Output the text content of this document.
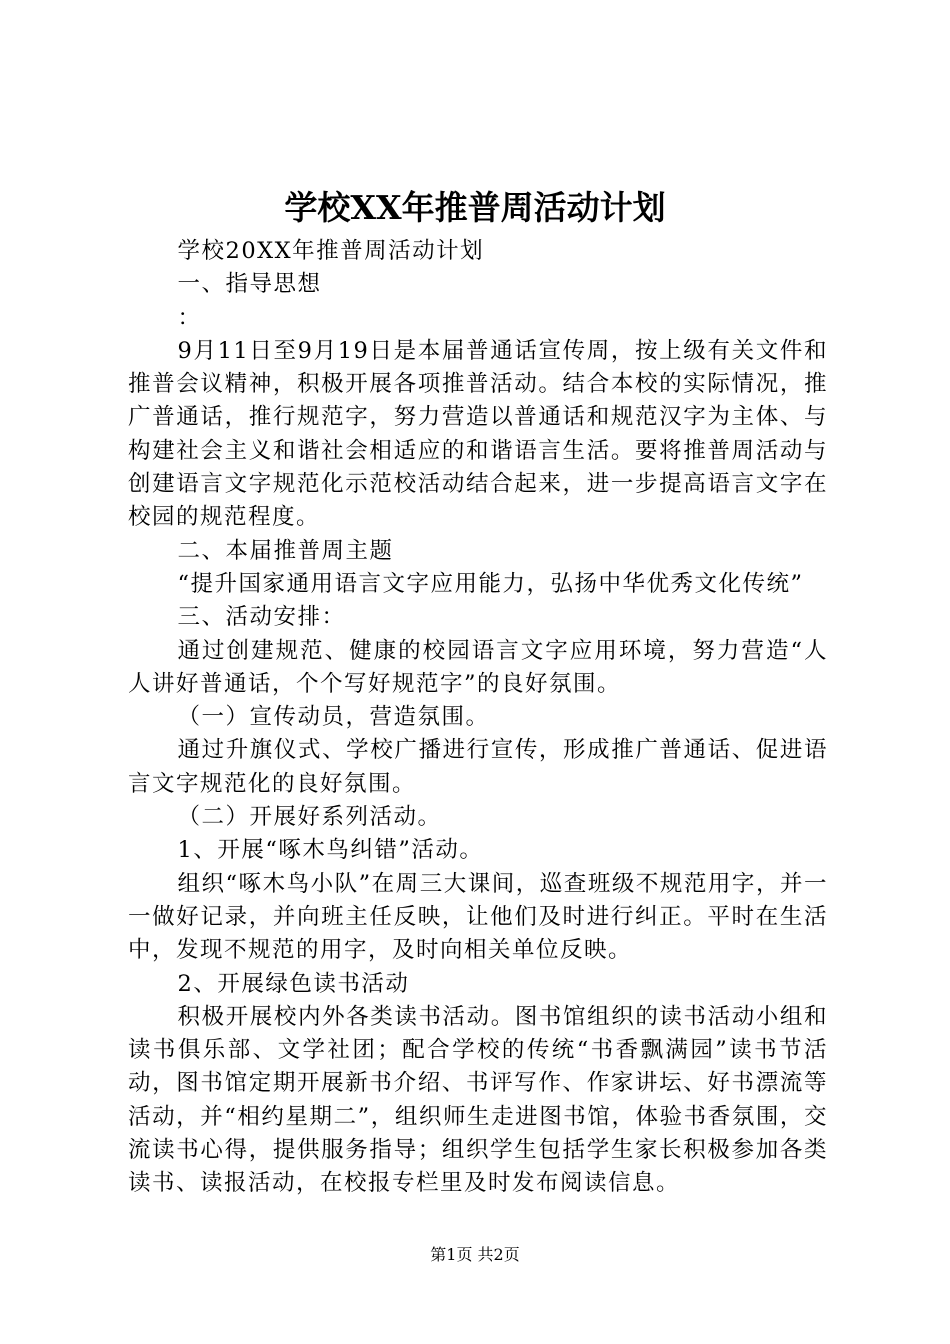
学校XX年推普周活动计划

学校20XX年推普周活动计划

一、指导思想

：

9月11日至9月19日是本届普通话宣传周，按上级有关文件和推普会议精神，积极开展各项推普活动。结合本校的实际情况，推广普通话，推行规范字，努力营造以普通话和规范汉字为主体、与构建社会主义和谐社会相适应的和谐语言生活。要将推普周活动与创建语言文字规范化示范校活动结合起来，进一步提高语言文字在校园的规范程度。

二、本届推普周主题

“提升国家通用语言文字应用能力，弘扬中华优秀文化传统”

三、活动安排：

通过创建规范、健康的校园语言文字应用环境，努力营造“人人讲好普通话，个个写好规范字”的良好氛围。

（一）宣传动员，营造氛围。

通过升旗仪式、学校广播进行宣传，形成推广普通话、促进语言文字规范化的良好氛围。

（二）开展好系列活动。

1、开展“啄木鸟纠错”活动。

组织“啄木鸟小队”在周三大课间，巡查班级不规范用字，并一一做好记录，并向班主任反映，让他们及时进行纠正。平时在生活中，发现不规范的用字，及时向相关单位反映。

2、开展绿色读书活动

积极开展校内外各类读书活动。图书馆组织的读书活动小组和读书俱乐部、文学社团；配合学校的传统“书香飘满园”读书节活动，图书馆定期开展新书介绍、书评写作、作家讲坛、好书漂流等活动，并“相约星期二”，组织师生走进图书馆，体验书香氛围，交流读书心得，提供服务指导；组织学生包括学生家长积极参加各类读书、读报活动，在校报专栏里及时发布阅读信息。

第1页 共2页
